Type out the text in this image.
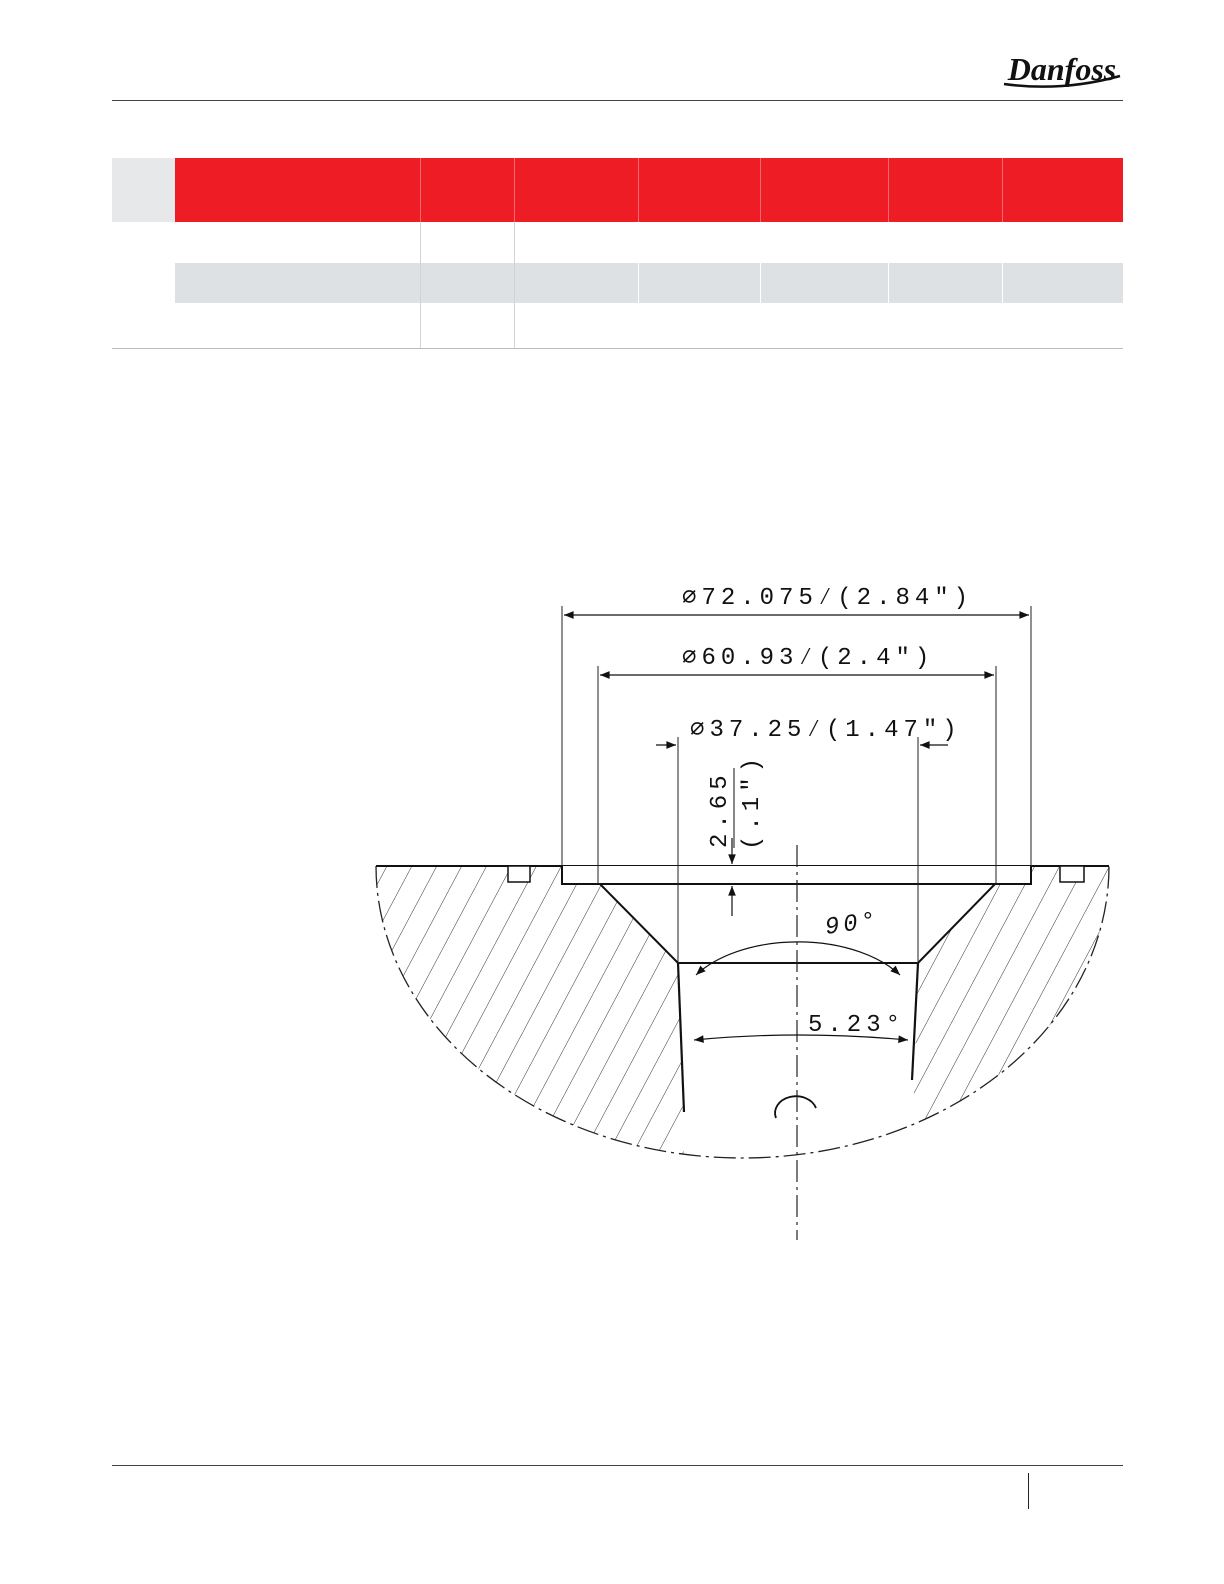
Danfoss
∅72.075⁄(2.84")
∅60.93⁄(2.4")
∅37.25⁄(1.47")
2.65 (.1")
90°
5.23°
